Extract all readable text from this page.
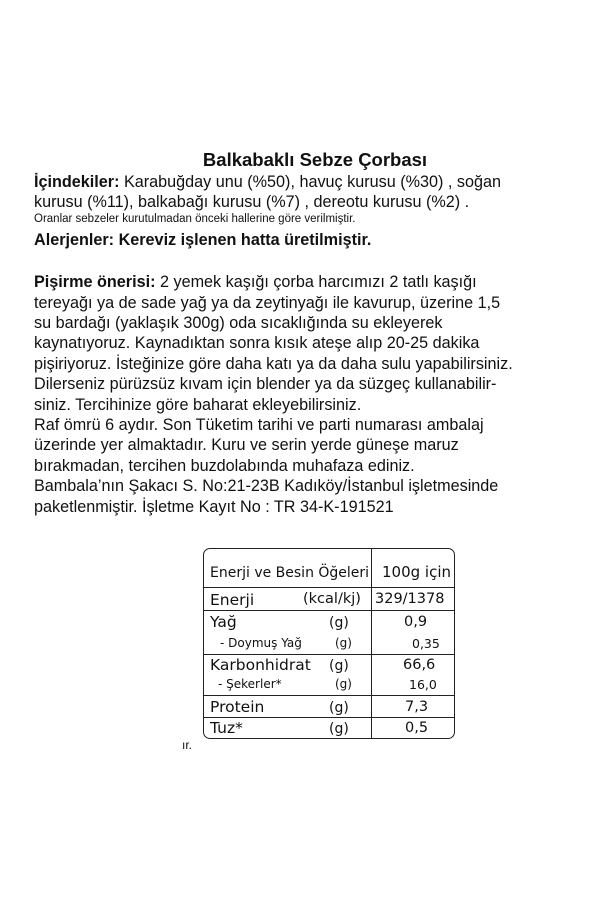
Balkabaklı Sebze Çorbası
İçindekiler: Karabuğday unu (%50), havuç kurusu (%30) , soğan
kurusu (%11), balkabağı kurusu (%7) , dereotu kurusu (%2) .
Oranlar sebzeler kurutulmadan önceki hallerine göre verilmiştir.
Alerjenler: Kereviz işlenen hatta üretilmiştir.
Pişirme önerisi: 2 yemek kaşığı çorba harcımızı 2 tatlı kaşığı
tereyağı ya de sade yağ ya da zeytinyağı ile kavurup, üzerine 1,5
su bardağı (yaklaşık 300g) oda sıcaklığında su ekleyerek
kaynatıyoruz. Kaynadıktan sonra kısık ateşe alıp 20-25 dakika
pişiriyoruz. İsteğinize göre daha katı ya da daha sulu yapabilirsiniz.
Dilerseniz pürüzsüz kıvam için blender ya da süzgeç kullanabilir-
siniz. Tercihinize göre baharat ekleyebilirsiniz.
Raf ömrü 6 aydır. Son Tüketim tarihi ve parti numarası ambalaj
üzerinde yer almaktadır. Kuru ve serin yerde güneşe maruz
bırakmadan, tercihen buzdolabında muhafaza ediniz.
Bambala’nın Şakacı S. No:21-23B Kadıköy/İstanbul işletmesinde
paketlenmiştir. İşletme Kayıt No : TR 34-K-191521
Enerji ve Besin Öğeleri 100g için
Enerji	(kcal/kj) 329/1378
Yağ	(g)	0,9
- Doymuş Yağ	(g)	0,35
Karbonhidrat (g)	66,6
- Şekerler*	(g)	16,0
Protein	(g)	7,3
Tuz*	(g)	0,5
ır.
